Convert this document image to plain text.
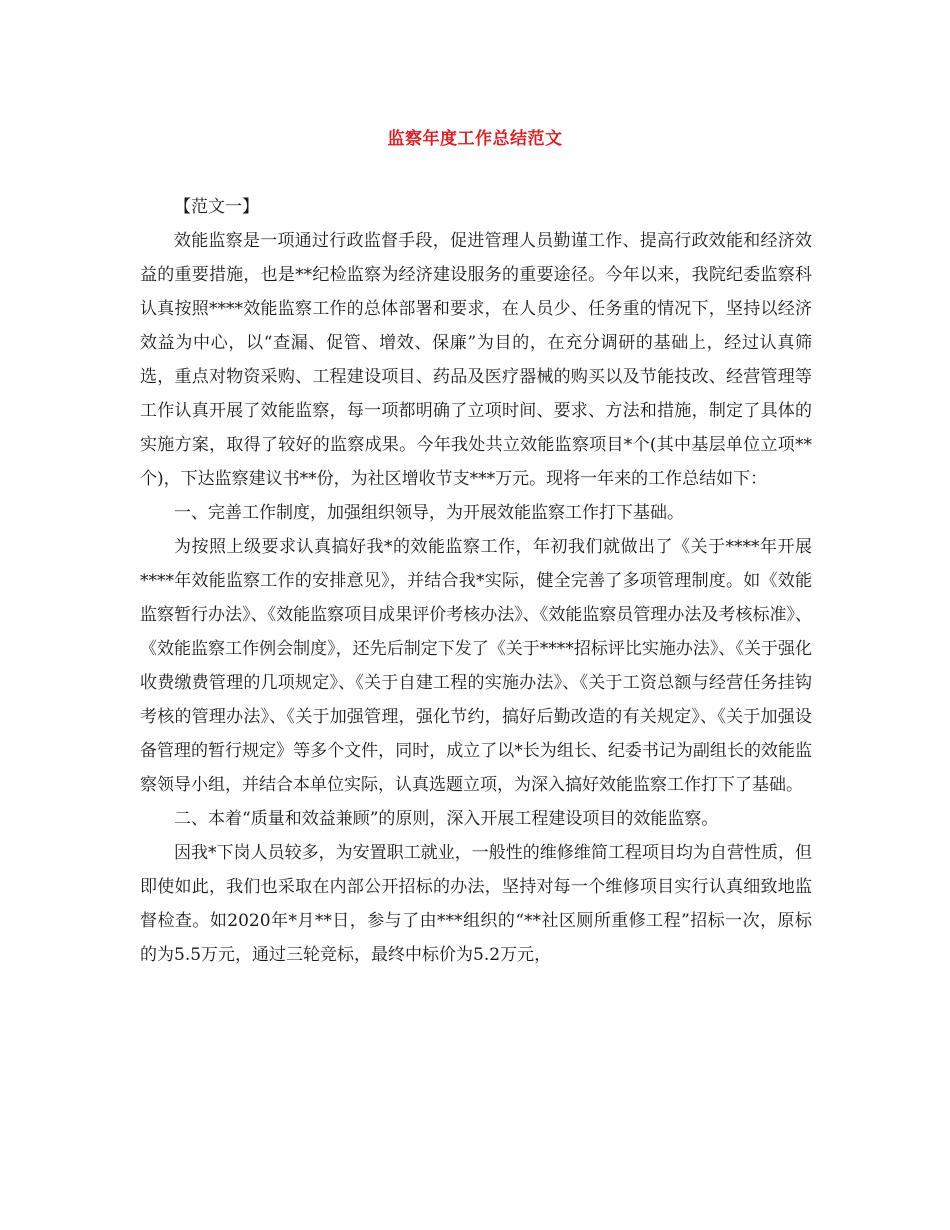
监察年度工作总结范文

【范文一】

效能监察是一项通过行政监督手段，促进管理人员勤谨工作、提高行政效能和经济效益的重要措施，也是**纪检监察为经济建设服务的重要途径。今年以来，我院纪委监察科认真按照****效能监察工作的总体部署和要求，在人员少、任务重的情况下，坚持以经济效益为中心，以“查漏、促管、增效、保廉”为目的，在充分调研的基础上，经过认真筛选，重点对物资采购、工程建设项目、药品及医疗器械的购买以及节能技改、经营管理等工作认真开展了效能监察，每一项都明确了立项时间、要求、方法和措施，制定了具体的实施方案，取得了较好的监察成果。今年我处共立效能监察项目*个(其中基层单位立项**个)，下达监察建议书**份，为社区增收节支***万元。现将一年来的工作总结如下：

一、完善工作制度，加强组织领导，为开展效能监察工作打下基础。

为按照上级要求认真搞好我*的效能监察工作，年初我们就做出了《关于****年开展****年效能监察工作的安排意见》，并结合我*实际，健全完善了多项管理制度。如《效能监察暂行办法》、《效能监察项目成果评价考核办法》、《效能监察员管理办法及考核标准》、《效能监察工作例会制度》，还先后制定下发了《关于****招标评比实施办法》、《关于强化收费缴费管理的几项规定》、《关于自建工程的实施办法》、《关于工资总额与经营任务挂钩考核的管理办法》、《关于加强管理，强化节约，搞好后勤改造的有关规定》、《关于加强设备管理的暂行规定》等多个文件，同时，成立了以*长为组长、纪委书记为副组长的效能监察领导小组，并结合本单位实际，认真选题立项，为深入搞好效能监察工作打下了基础。

二、本着“质量和效益兼顾”的原则，深入开展工程建设项目的效能监察。

因我*下岗人员较多，为安置职工就业，一般性的维修维简工程项目均为自营性质，但即使如此，我们也采取在内部公开招标的办法，坚持对每一个维修项目实行认真细致地监督检查。如2020年*月**日，参与了由***组织的“**社区厕所重修工程”招标一次，原标的为5.5万元，通过三轮竞标，最终中标价为5.2万元，
